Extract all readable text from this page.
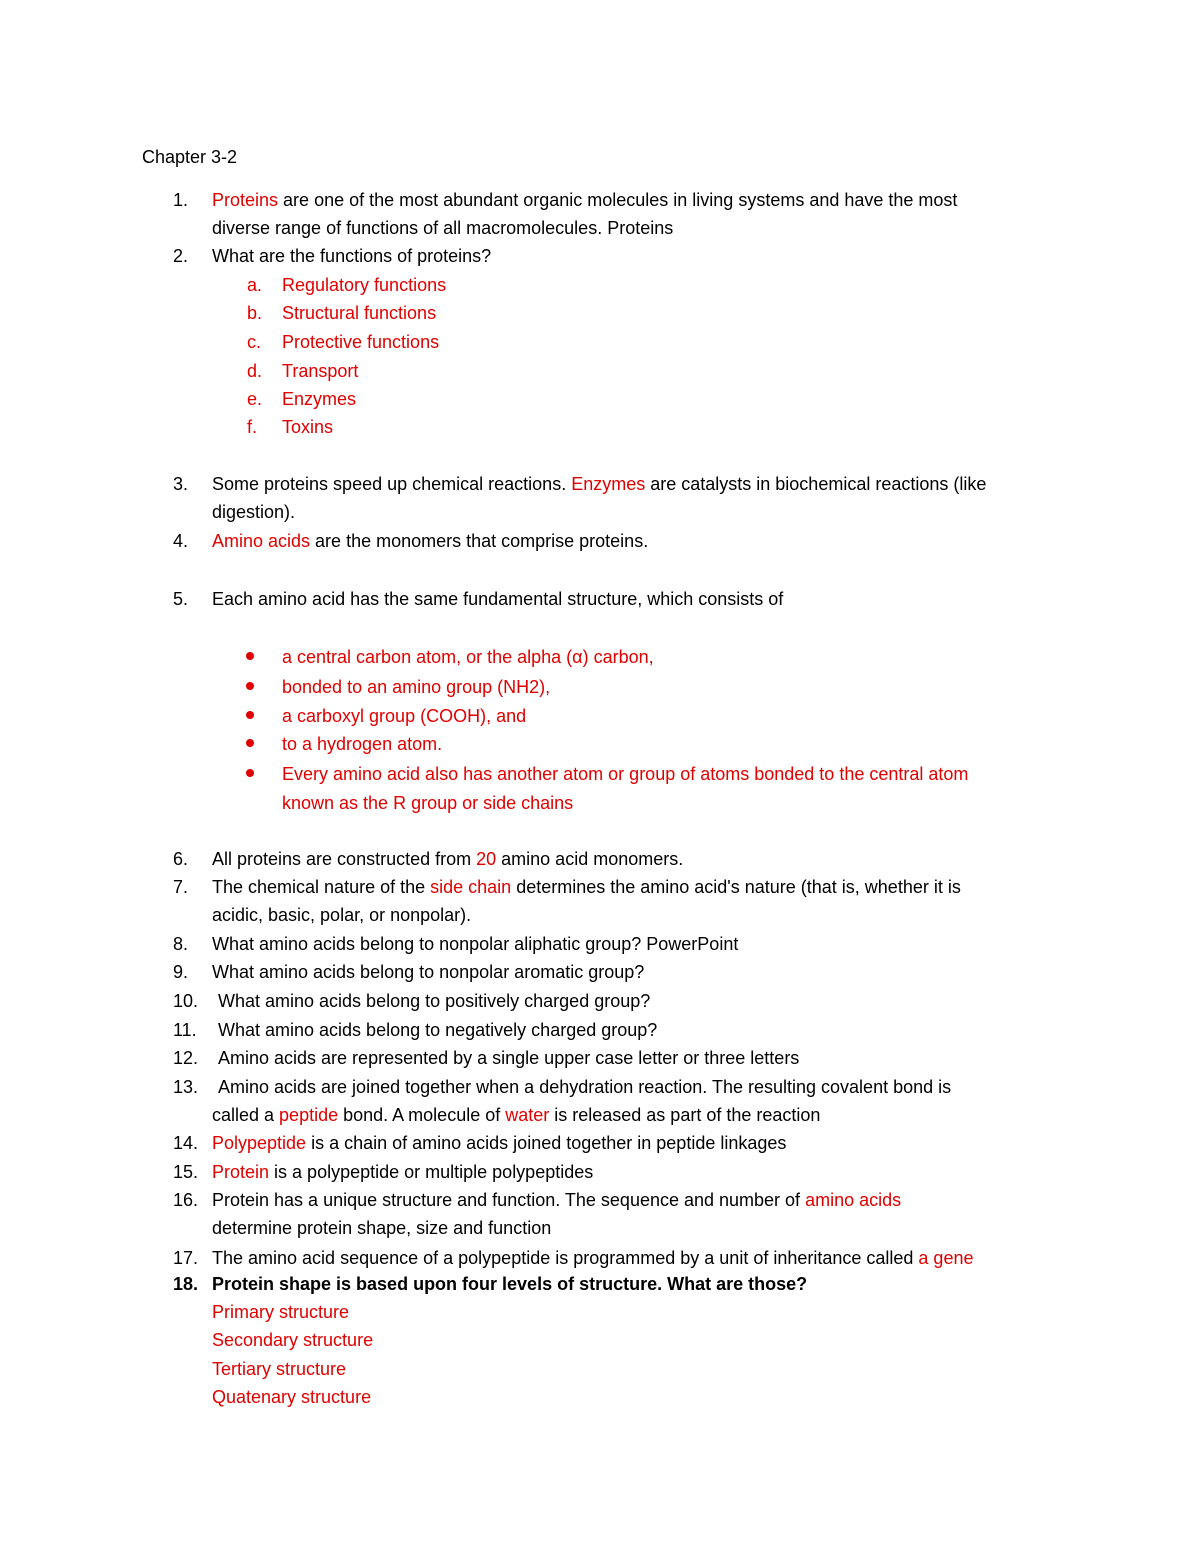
Chapter 3-2
1. Proteins are one of the most abundant organic molecules in living systems and have the most
diverse range of functions of all macromolecules. Proteins
2. What are the functions of proteins?
a. Regulatory functions
b. Structural functions
c. Protective functions
d. Transport
e. Enzymes
f. Toxins
3. Some proteins speed up chemical reactions. Enzymes are catalysts in biochemical reactions (like
digestion).
4. Amino acids are the monomers that comprise proteins.
5. Each amino acid has the same fundamental structure, which consists of
a central carbon atom, or the alpha (α) carbon,
bonded to an amino group (NH2),
a carboxyl group (COOH), and
to a hydrogen atom.
Every amino acid also has another atom or group of atoms bonded to the central atom
known as the R group or side chains
6. All proteins are constructed from 20 amino acid monomers.
7. The chemical nature of the side chain determines the amino acid's nature (that is, whether it is
acidic, basic, polar, or nonpolar).
8. What amino acids belong to nonpolar aliphatic group? PowerPoint
9. What amino acids belong to nonpolar aromatic group?
10. What amino acids belong to positively charged group?
11. What amino acids belong to negatively charged group?
12. Amino acids are represented by a single upper case letter or three letters
13. Amino acids are joined together when a dehydration reaction. The resulting covalent bond is
called a peptide bond. A molecule of water is released as part of the reaction
14. Polypeptide is a chain of amino acids joined together in peptide linkages
15. Protein is a polypeptide or multiple polypeptides
16. Protein has a unique structure and function. The sequence and number of amino acids
determine protein shape, size and function
17. The amino acid sequence of a polypeptide is programmed by a unit of inheritance called a gene
18. Protein shape is based upon four levels of structure. What are those?
Primary structure
Secondary structure
Tertiary structure
Quatenary structure
